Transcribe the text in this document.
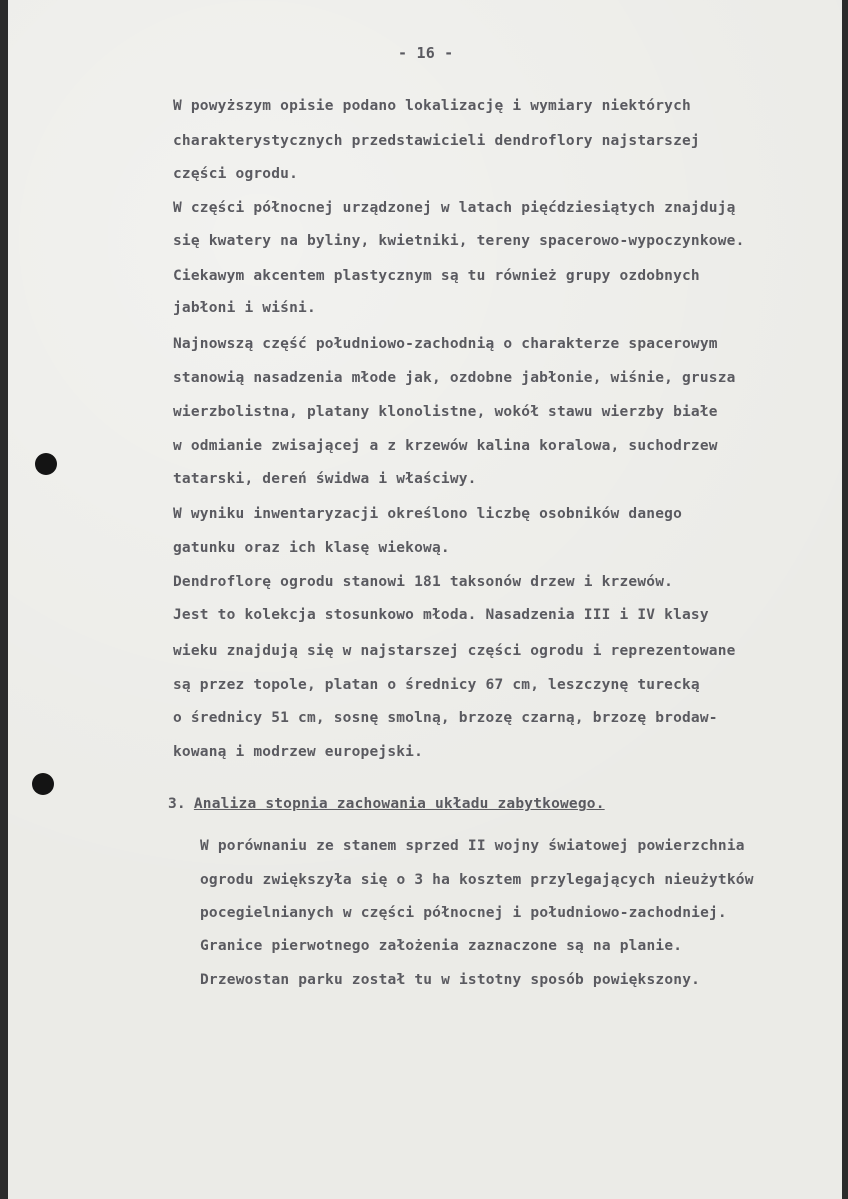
- 16 -
W powyższym opisie podano lokalizację i wymiary niektórych
charakterystycznych przedstawicieli dendroflory najstarszej
części ogrodu.
W części północnej urządzonej w latach pięćdziesiątych znajdują
się kwatery na byliny, kwietniki, tereny spacerowo-wypoczynkowe.
Ciekawym akcentem plastycznym są tu również grupy ozdobnych
jabłoni i wiśni.
Najnowszą część południowo-zachodnią o charakterze spacerowym
stanowią nasadzenia młode jak, ozdobne jabłonie, wiśnie, grusza
wierzbolistna, platany klonolistne, wokół stawu wierzby białe
w odmianie zwisającej a z krzewów kalina koralowa, suchodrzew
tatarski, dereń świdwa i właściwy.
W wyniku inwentaryzacji określono liczbę osobników danego
gatunku oraz ich klasę wiekową.
Dendroflorę ogrodu stanowi 181 taksonów drzew i krzewów.
Jest to kolekcja stosunkowo młoda. Nasadzenia III i IV klasy
wieku znajdują się w najstarszej części ogrodu i reprezentowane
są przez topole, platan o średnicy 67 cm, leszczynę turecką
o średnicy 51 cm, sosnę smolną, brzozę czarną, brzozę brodaw-
kowaną i modrzew europejski.
3. Analiza stopnia zachowania układu zabytkowego.
W porównaniu ze stanem sprzed II wojny światowej powierzchnia
ogrodu zwiększyła się o 3 ha kosztem przylegających nieużytków
pocegielnianych w części północnej i południowo-zachodniej.
Granice pierwotnego założenia zaznaczone są na planie.
Drzewostan parku został tu w istotny sposób powiększony.
